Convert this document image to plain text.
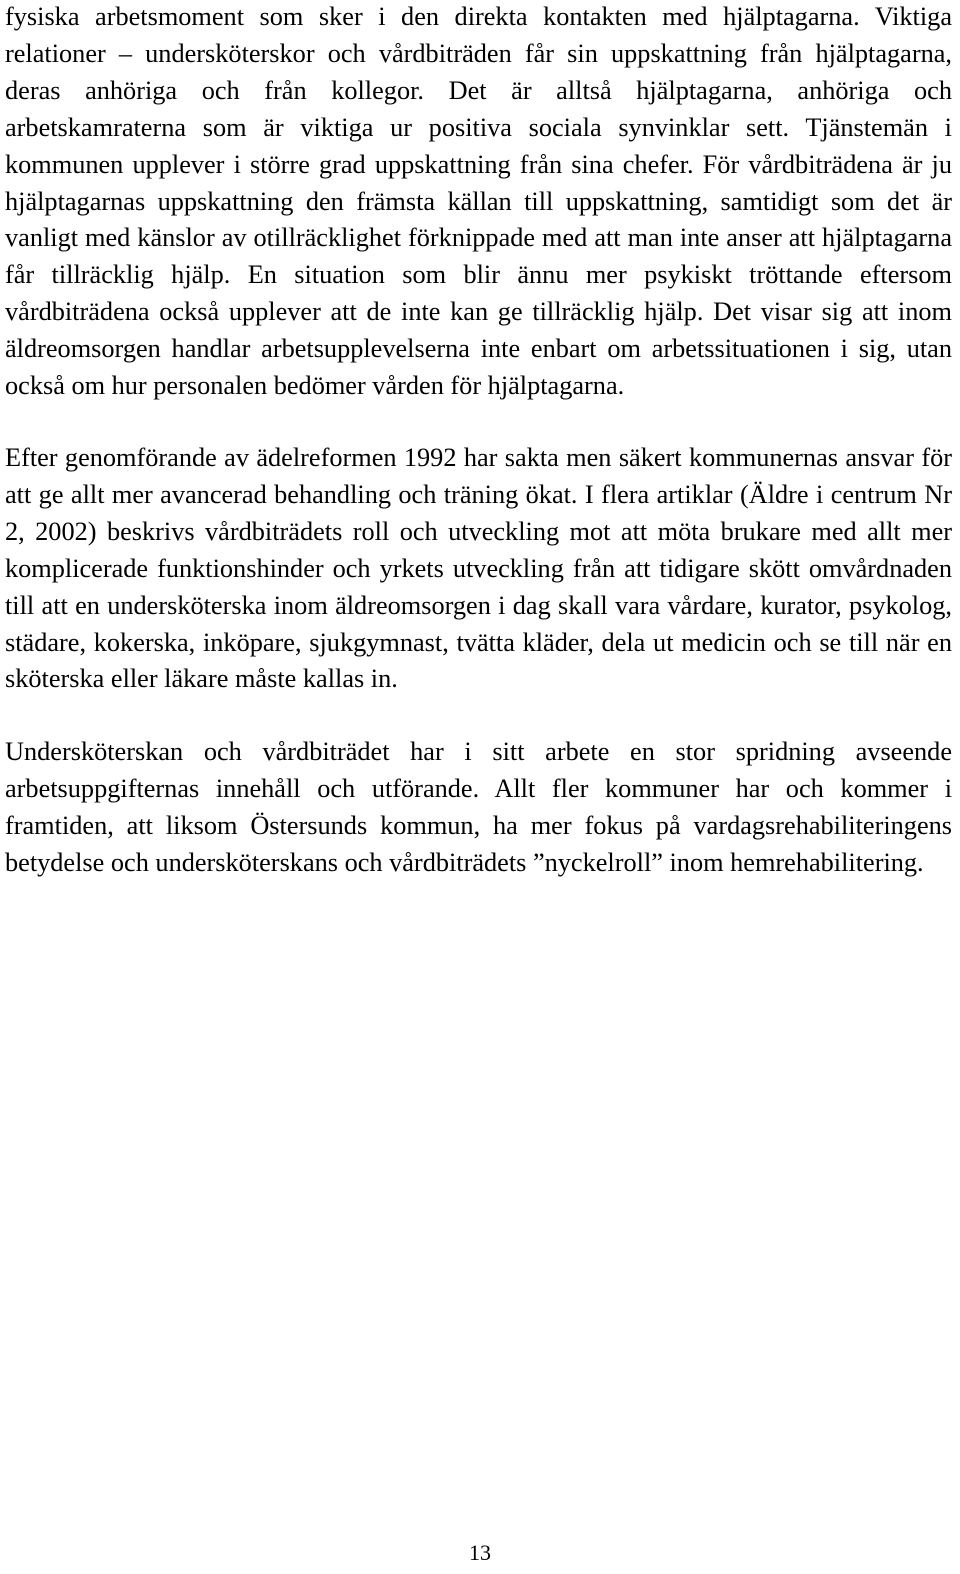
fysiska arbetsmoment som sker i den direkta kontakten med hjälptagarna. Viktiga relationer – undersköterskor och vårdbiträden får sin uppskattning från hjälptagarna, deras anhöriga och från kollegor. Det är alltså hjälptagarna, anhöriga och arbetskamraterna som är viktiga ur positiva sociala synvinklar sett. Tjänstemän i kommunen upplever i större grad uppskattning från sina chefer. För vårdbiträdena är ju hjälptagarnas uppskattning den främsta källan till uppskattning, samtidigt som det är vanligt med känslor av otillräcklighet förknippade med att man inte anser att hjälptagarna får tillräcklig hjälp. En situation som blir ännu mer psykiskt tröttande eftersom vårdbiträdena också upplever att de inte kan ge tillräcklig hjälp. Det visar sig att inom äldreomsorgen handlar arbetsupplevelserna inte enbart om arbetssituationen i sig, utan också om hur personalen bedömer vården för hjälptagarna.

Efter genomförande av ädelreformen 1992 har sakta men säkert kommunernas ansvar för att ge allt mer avancerad behandling och träning ökat. I flera artiklar (Äldre i centrum Nr 2, 2002) beskrivs vårdbiträdets roll och utveckling mot att möta brukare med allt mer komplicerade funktionshinder och yrkets utveckling från att tidigare skött omvårdnaden till att en undersköterska inom äldreomsorgen i dag skall vara vårdare, kurator, psykolog, städare, kokerska, inköpare, sjukgymnast, tvätta kläder, dela ut medicin och se till när en sköterska eller läkare måste kallas in.

Undersköterskan och vårdbiträdet har i sitt arbete en stor spridning avseende arbetsuppgifternas innehåll och utförande. Allt fler kommuner har och kommer i framtiden, att liksom Östersunds kommun, ha mer fokus på vardagsrehabiliteringens betydelse och undersköterskans och vårdbiträdets ”nyckelroll” inom hemrehabilitering.

13
